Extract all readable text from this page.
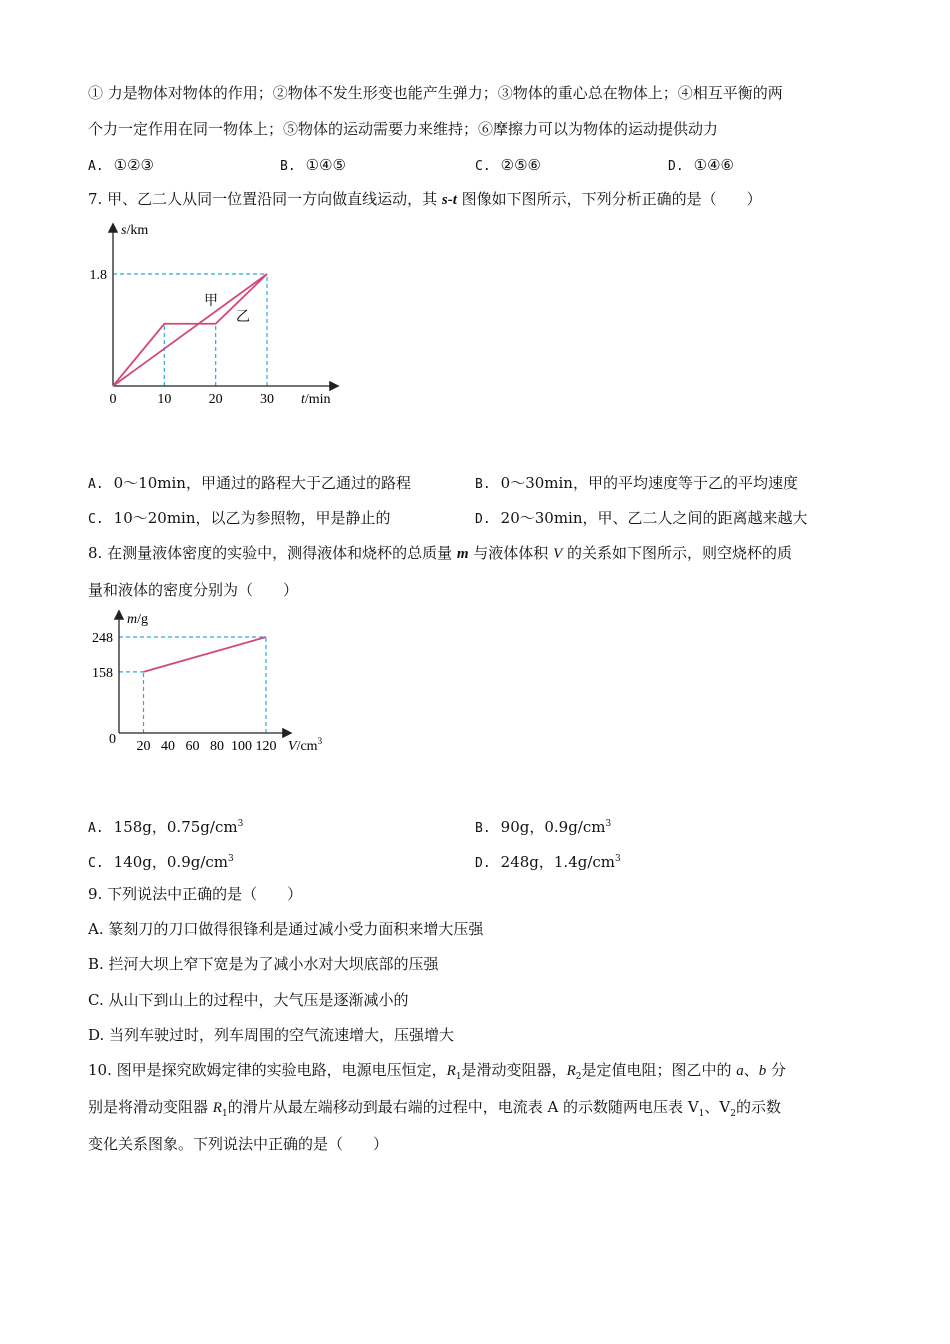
① 力是物体对物体的作用；②物体不发生形变也能产生弹力；③物体的重心总在物体上；④相互平衡的两
个力一定作用在同一物体上；⑤物体的运动需要力来维持；⑥摩擦力可以为物体的运动提供动力
A. ①②③	B. ①④⑤	C. ②⑤⑥	D. ①④⑥
7. 甲、乙二人从同一位置沿同一方向做直线运动，其 s-t 图像如下图所示，下列分析正确的是（　　）
0	10	20	30
1.8
s/km
t/min
甲
乙
A. 0～10min，甲通过的路程大于乙通过的路程	B. 0～30min，甲的平均速度等于乙的平均速度
C. 10～20min，以乙为参照物，甲是静止的	D. 20～30min，甲、乙二人之间的距离越来越大
8. 在测量液体密度的实验中，测得液体和烧杯的总质量 m 与液体体积 V 的关系如下图所示，则空烧杯的质
量和液体的密度分别为（　　）
20 40 60 80 100 120
248
158
0
m/g
$V/cm^3$
A. 158g，$0.75g/cm^3$	B. 90g，$0.9g/cm^3$
C. 140g，$0.9g/cm^3$	D. 248g，$1.4g/cm^3$
9. 下列说法中正确的是（　　）
A. 篆刻刀的刀口做得很锋利是通过减小受力面积来增大压强
B. 拦河大坝上窄下宽是为了减小水对大坝底部的压强
C. 从山下到山上的过程中，大气压是逐渐减小的
D. 当列车驶过时，列车周围的空气流速增大，压强增大
10. 图甲是探究欧姆定律的实验电路，电源电压恒定，$R_1$是滑动变阻器，$R_2$是定值电阻；图乙中的 a、b 分
别是将滑动变阻器 $R_1$的滑片从最左端移动到最右端的过程中，电流表 A 的示数随两电压表 $V_1$、$V_2$的示数
变化关系图象。下列说法中正确的是（　　）
